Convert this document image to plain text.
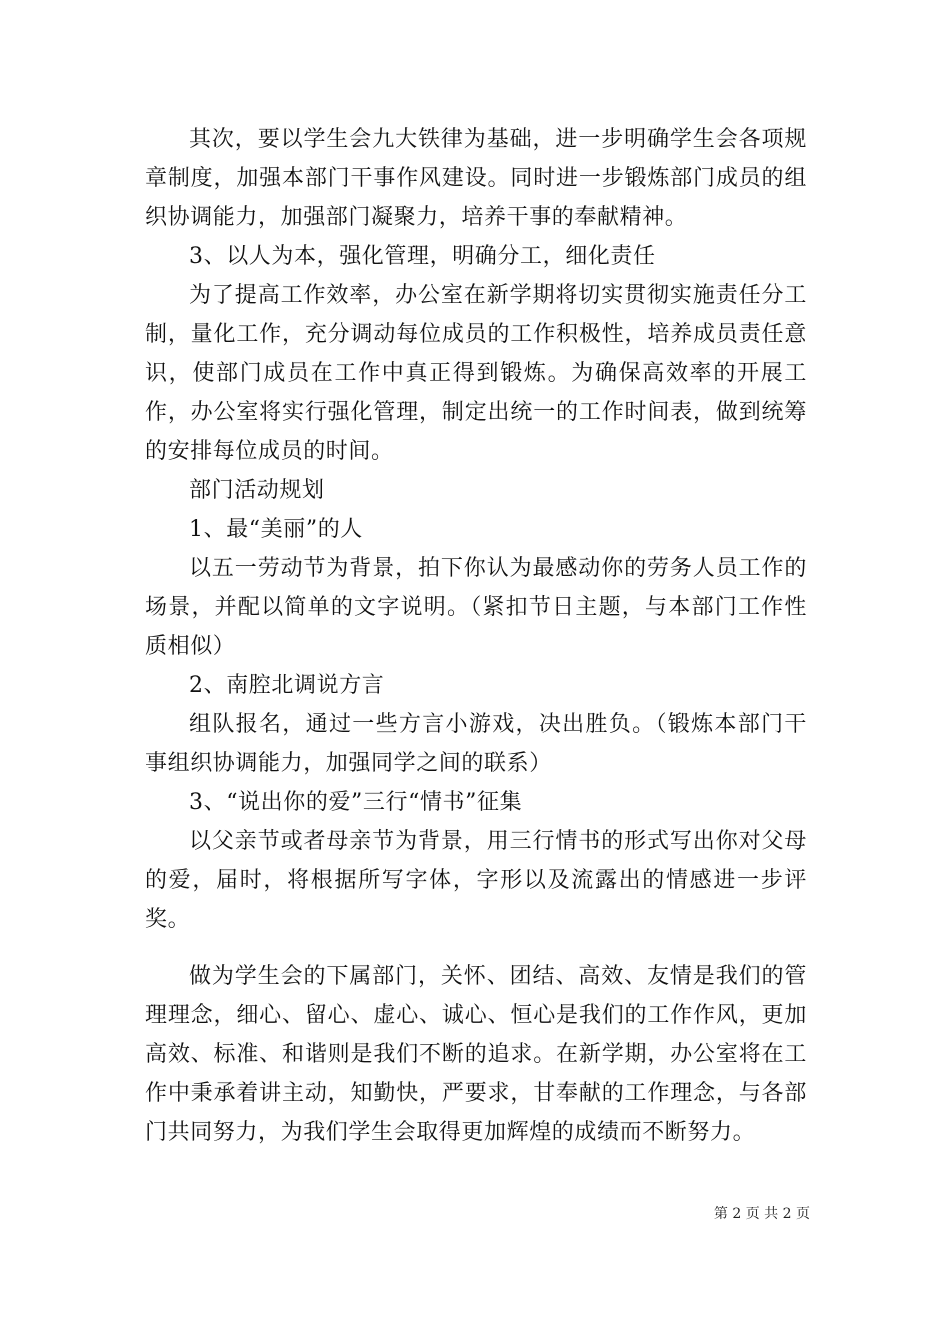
其次，要以学生会九大铁律为基础，进一步明确学生会各项规章制度，加强本部门干事作风建设。同时进一步锻炼部门成员的组织协调能力，加强部门凝聚力，培养干事的奉献精神。

3、以人为本，强化管理，明确分工，细化责任

为了提高工作效率，办公室在新学期将切实贯彻实施责任分工制，量化工作，充分调动每位成员的工作积极性，培养成员责任意识，使部门成员在工作中真正得到锻炼。为确保高效率的开展工作，办公室将实行强化管理，制定出统一的工作时间表，做到统筹的安排每位成员的时间。

部门活动规划

1、最“美丽”的人

以五一劳动节为背景，拍下你认为最感动你的劳务人员工作的场景，并配以简单的文字说明。（紧扣节日主题，与本部门工作性质相似）

2、南腔北调说方言

组队报名，通过一些方言小游戏，决出胜负。（锻炼本部门干事组织协调能力，加强同学之间的联系）

3、“说出你的爱”三行“情书”征集

以父亲节或者母亲节为背景，用三行情书的形式写出你对父母的爱，届时，将根据所写字体，字形以及流露出的情感进一步评奖。

做为学生会的下属部门，关怀、团结、高效、友情是我们的管理理念，细心、留心、虚心、诚心、恒心是我们的工作作风，更加高效、标准、和谐则是我们不断的追求。在新学期，办公室将在工作中秉承着讲主动，知勤快，严要求，甘奉献的工作理念，与各部门共同努力，为我们学生会取得更加辉煌的成绩而不断努力。

第 2 页 共 2 页
